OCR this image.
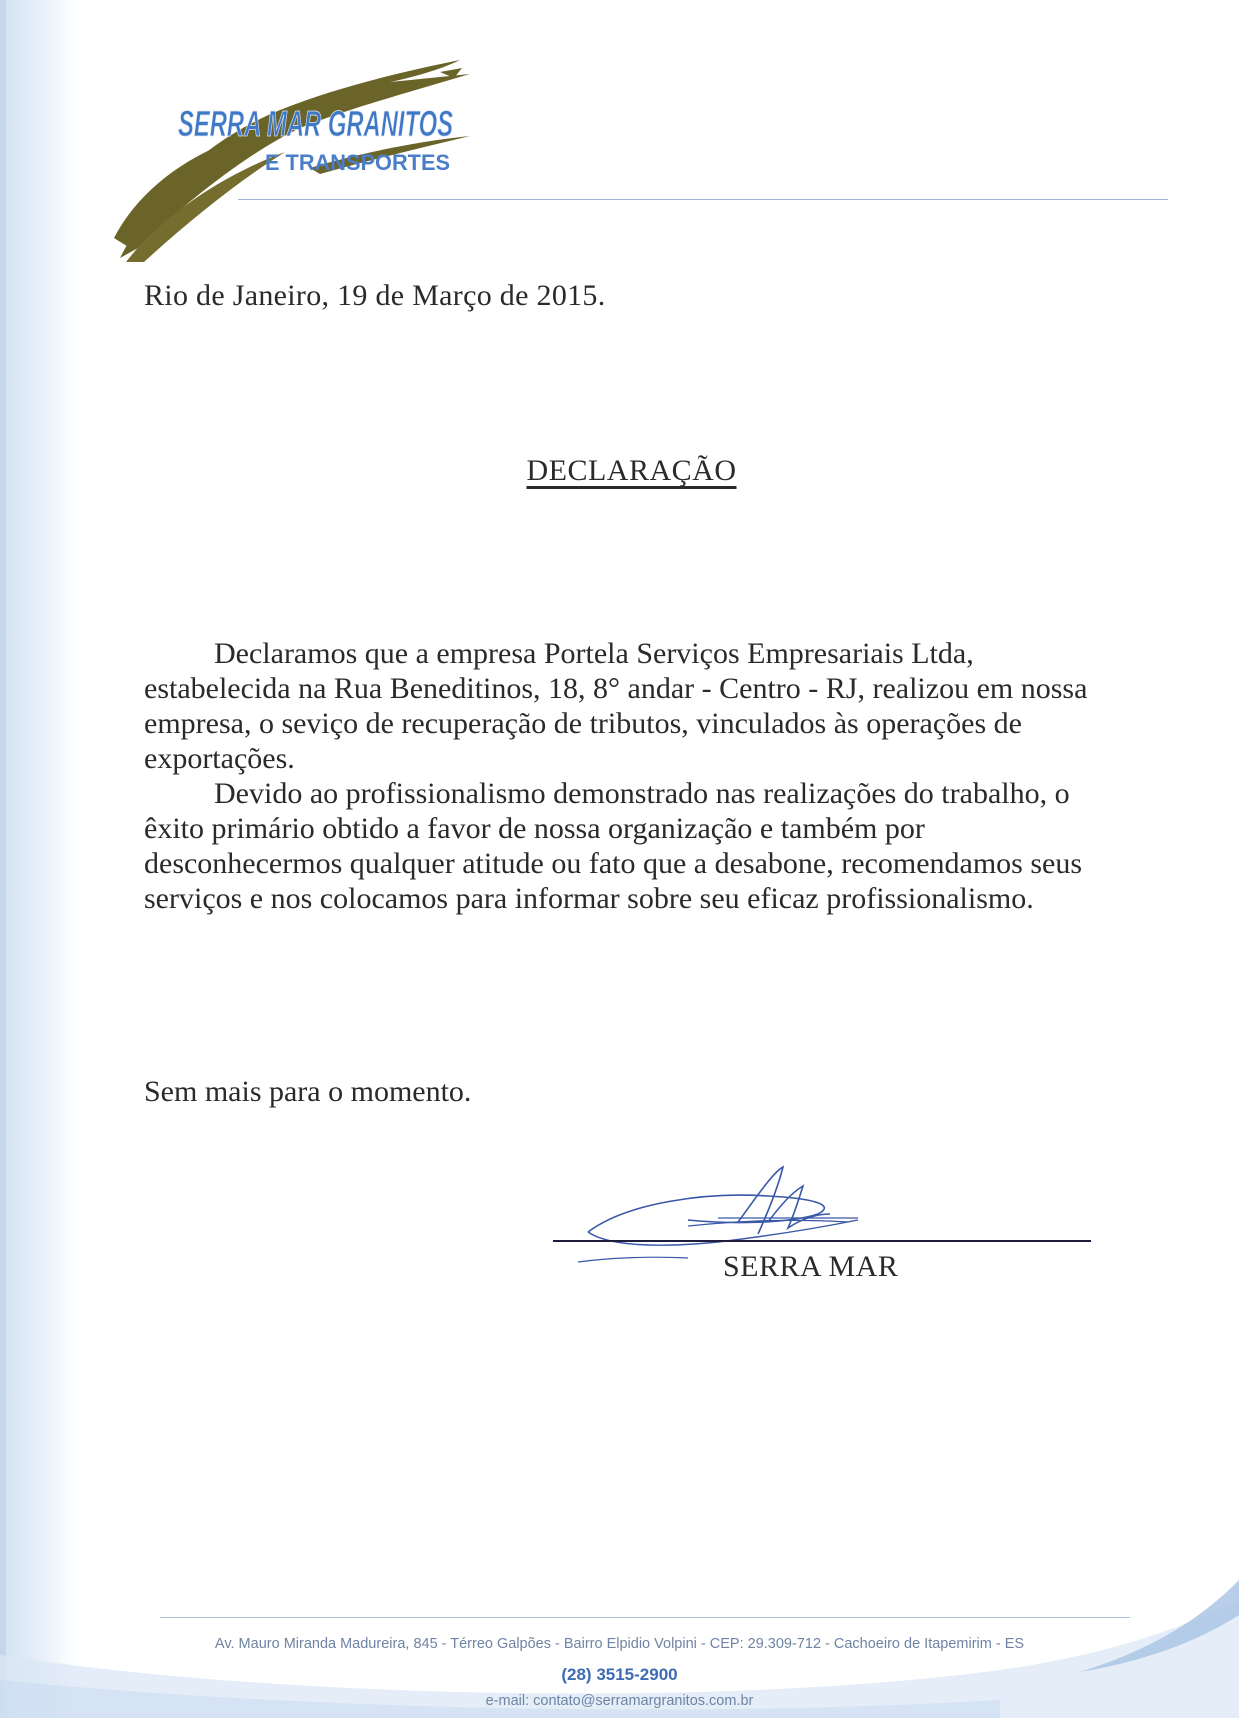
SERRA MAR GRANITOS
E TRANSPORTES
Rio de Janeiro, 19 de Março de 2015.
DECLARAÇÃO

Declaramos que a empresa Portela Serviços Empresariais Ltda, estabelecida na Rua Beneditinos, 18, 8° andar - Centro - RJ, realizou em nossa empresa, o seviço de recuperação de tributos, vinculados às operações de exportações.

Devido ao profissionalismo demonstrado nas realizações do trabalho, o êxito primário obtido a favor de nossa organização e também por desconhecermos qualquer atitude ou fato que a desabone, recomendamos seus serviços e nos colocamos para informar sobre seu eficaz profissionalismo.

Sem mais para o momento.
SERRA MAR
Av. Mauro Miranda Madureira, 845 - Térreo Galpões - Bairro Elpidio Volpini - CEP: 29.309-712 - Cachoeiro de Itapemirim - ES
(28) 3515-2900
e-mail: contato@serramargranitos.com.br
